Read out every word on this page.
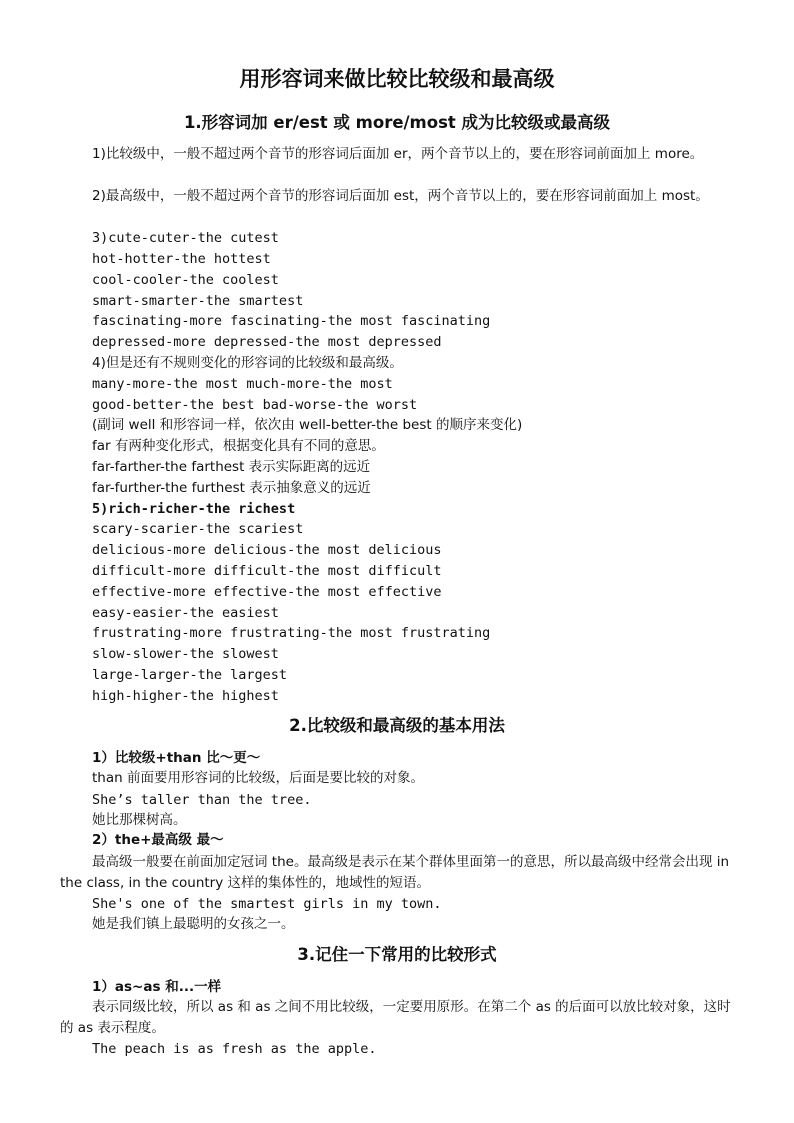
用形容词来做比较比较级和最高级
1.形容词加 er/est 或 more/most 成为比较级或最高级
1)比较级中，一般不超过两个音节的形容词后面加 er，两个音节以上的，要在形容词前面加上 more。
2)最高级中，一般不超过两个音节的形容词后面加 est，两个音节以上的，要在形容词前面加上 most。
3)cute-cuter-the cutest
hot-hotter-the hottest
cool-cooler-the coolest
smart-smarter-the smartest
fascinating-more fascinating-the most fascinating
depressed-more depressed-the most depressed
4)但是还有不规则变化的形容词的比较级和最高级。
many-more-the most much-more-the most
good-better-the best bad-worse-the worst
(副词 well 和形容词一样，依次由 well-better-the best 的顺序来变化)
far 有两种变化形式，根据变化具有不同的意思。
far-farther-the farthest 表示实际距离的远近
far-further-the furthest 表示抽象意义的远近
5)rich-richer-the richest
scary-scarier-the scariest
delicious-more delicious-the most delicious
difficult-more difficult-the most difficult
effective-more effective-the most effective
easy-easier-the easiest
frustrating-more frustrating-the most frustrating
slow-slower-the slowest
large-larger-the largest
high-higher-the highest
2.比较级和最高级的基本用法
1）比较级+than 比～更～
than 前面要用形容词的比较级，后面是要比较的对象。
She’s taller than the tree.
她比那棵树高。
2）the+最高级 最～
最高级一般要在前面加定冠词 the。最高级是表示在某个群体里面第一的意思，所以最高级中经常会出现 in the class, in the country 这样的集体性的，地域性的短语。
She's one of the smartest girls in my town.
她是我们镇上最聪明的女孩之一。
3.记住一下常用的比较形式
1）as~as 和...一样
表示同级比较，所以 as 和 as 之间不用比较级，一定要用原形。在第二个 as 的后面可以放比较对象，这时的 as 表示程度。
The peach is as fresh as the apple.
